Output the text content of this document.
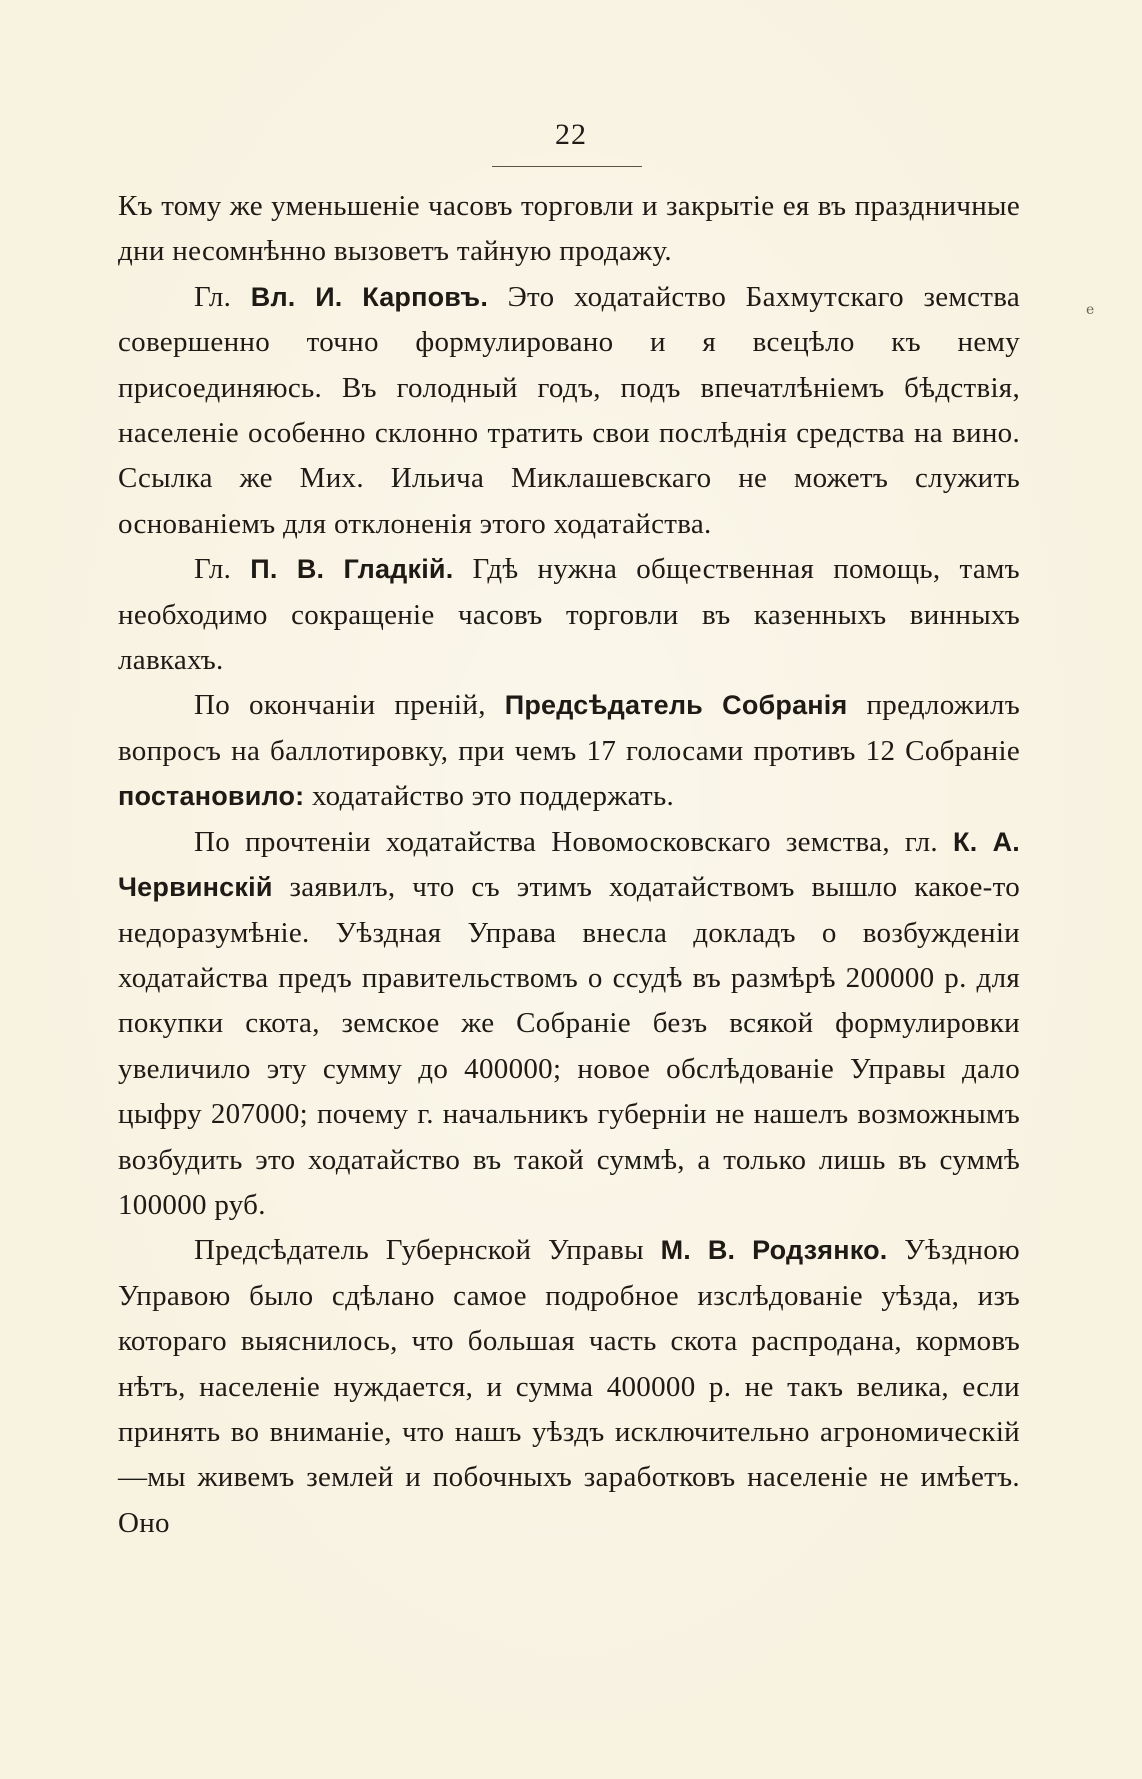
22
e

Къ тому же уменьшеніе часовъ торговли и закрытіе ея въ праздничные дни несомнѣнно вызоветъ тайную продажу.

Гл. Вл. И. Карповъ. Это ходатайство Бахмутскаго земства совершенно точно формулировано и я всецѣло къ нему присоединяюсь. Въ голодный годъ, подъ впечатлѣніемъ бѣдствія, населеніе особенно склонно тратить свои послѣднія средства на вино. Ссылка же Мих. Ильича Миклашевскаго не можетъ служить основаніемъ для отклоненія этого ходатайства.

Гл. П. В. Гладкій. Гдѣ нужна общественная помощь, тамъ необходимо сокращеніе часовъ торговли въ казенныхъ винныхъ лавкахъ.

По окончаніи преній, Предсѣдатель Собранія предложилъ вопросъ на баллотировку, при чемъ 17 голосами противъ 12 Собраніе постановило: ходатайство это поддержать.

По прочтеніи ходатайства Новомосковскаго земства, гл. К. А. Червинскій заявилъ, что съ этимъ ходатайствомъ вышло какое-то недоразумѣніе. Уѣздная Управа внесла докладъ о возбужденіи ходатайства предъ правительствомъ о ссудѣ въ размѣрѣ 200000 р. для покупки скота, земское же Собраніе безъ всякой формулировки увеличило эту сумму до 400000; новое обслѣдованіе Управы дало цыфру 207000; почему г. начальникъ губерніи не нашелъ возможнымъ возбудить это ходатайство въ такой суммѣ, а только лишь въ суммѣ 100000 руб.

Предсѣдатель Губернской Управы М. В. Родзянко. Уѣздною Управою было сдѣлано самое подробное изслѣдованіе уѣзда, изъ котораго выяснилось, что большая часть скота распродана, кормовъ нѣтъ, населеніе нуждается, и сумма 400000 р. не такъ велика, если принять во вниманіе, что нашъ уѣздъ исключительно агрономическій—мы живемъ землей и побочныхъ заработковъ населеніе не имѣетъ. Оно
